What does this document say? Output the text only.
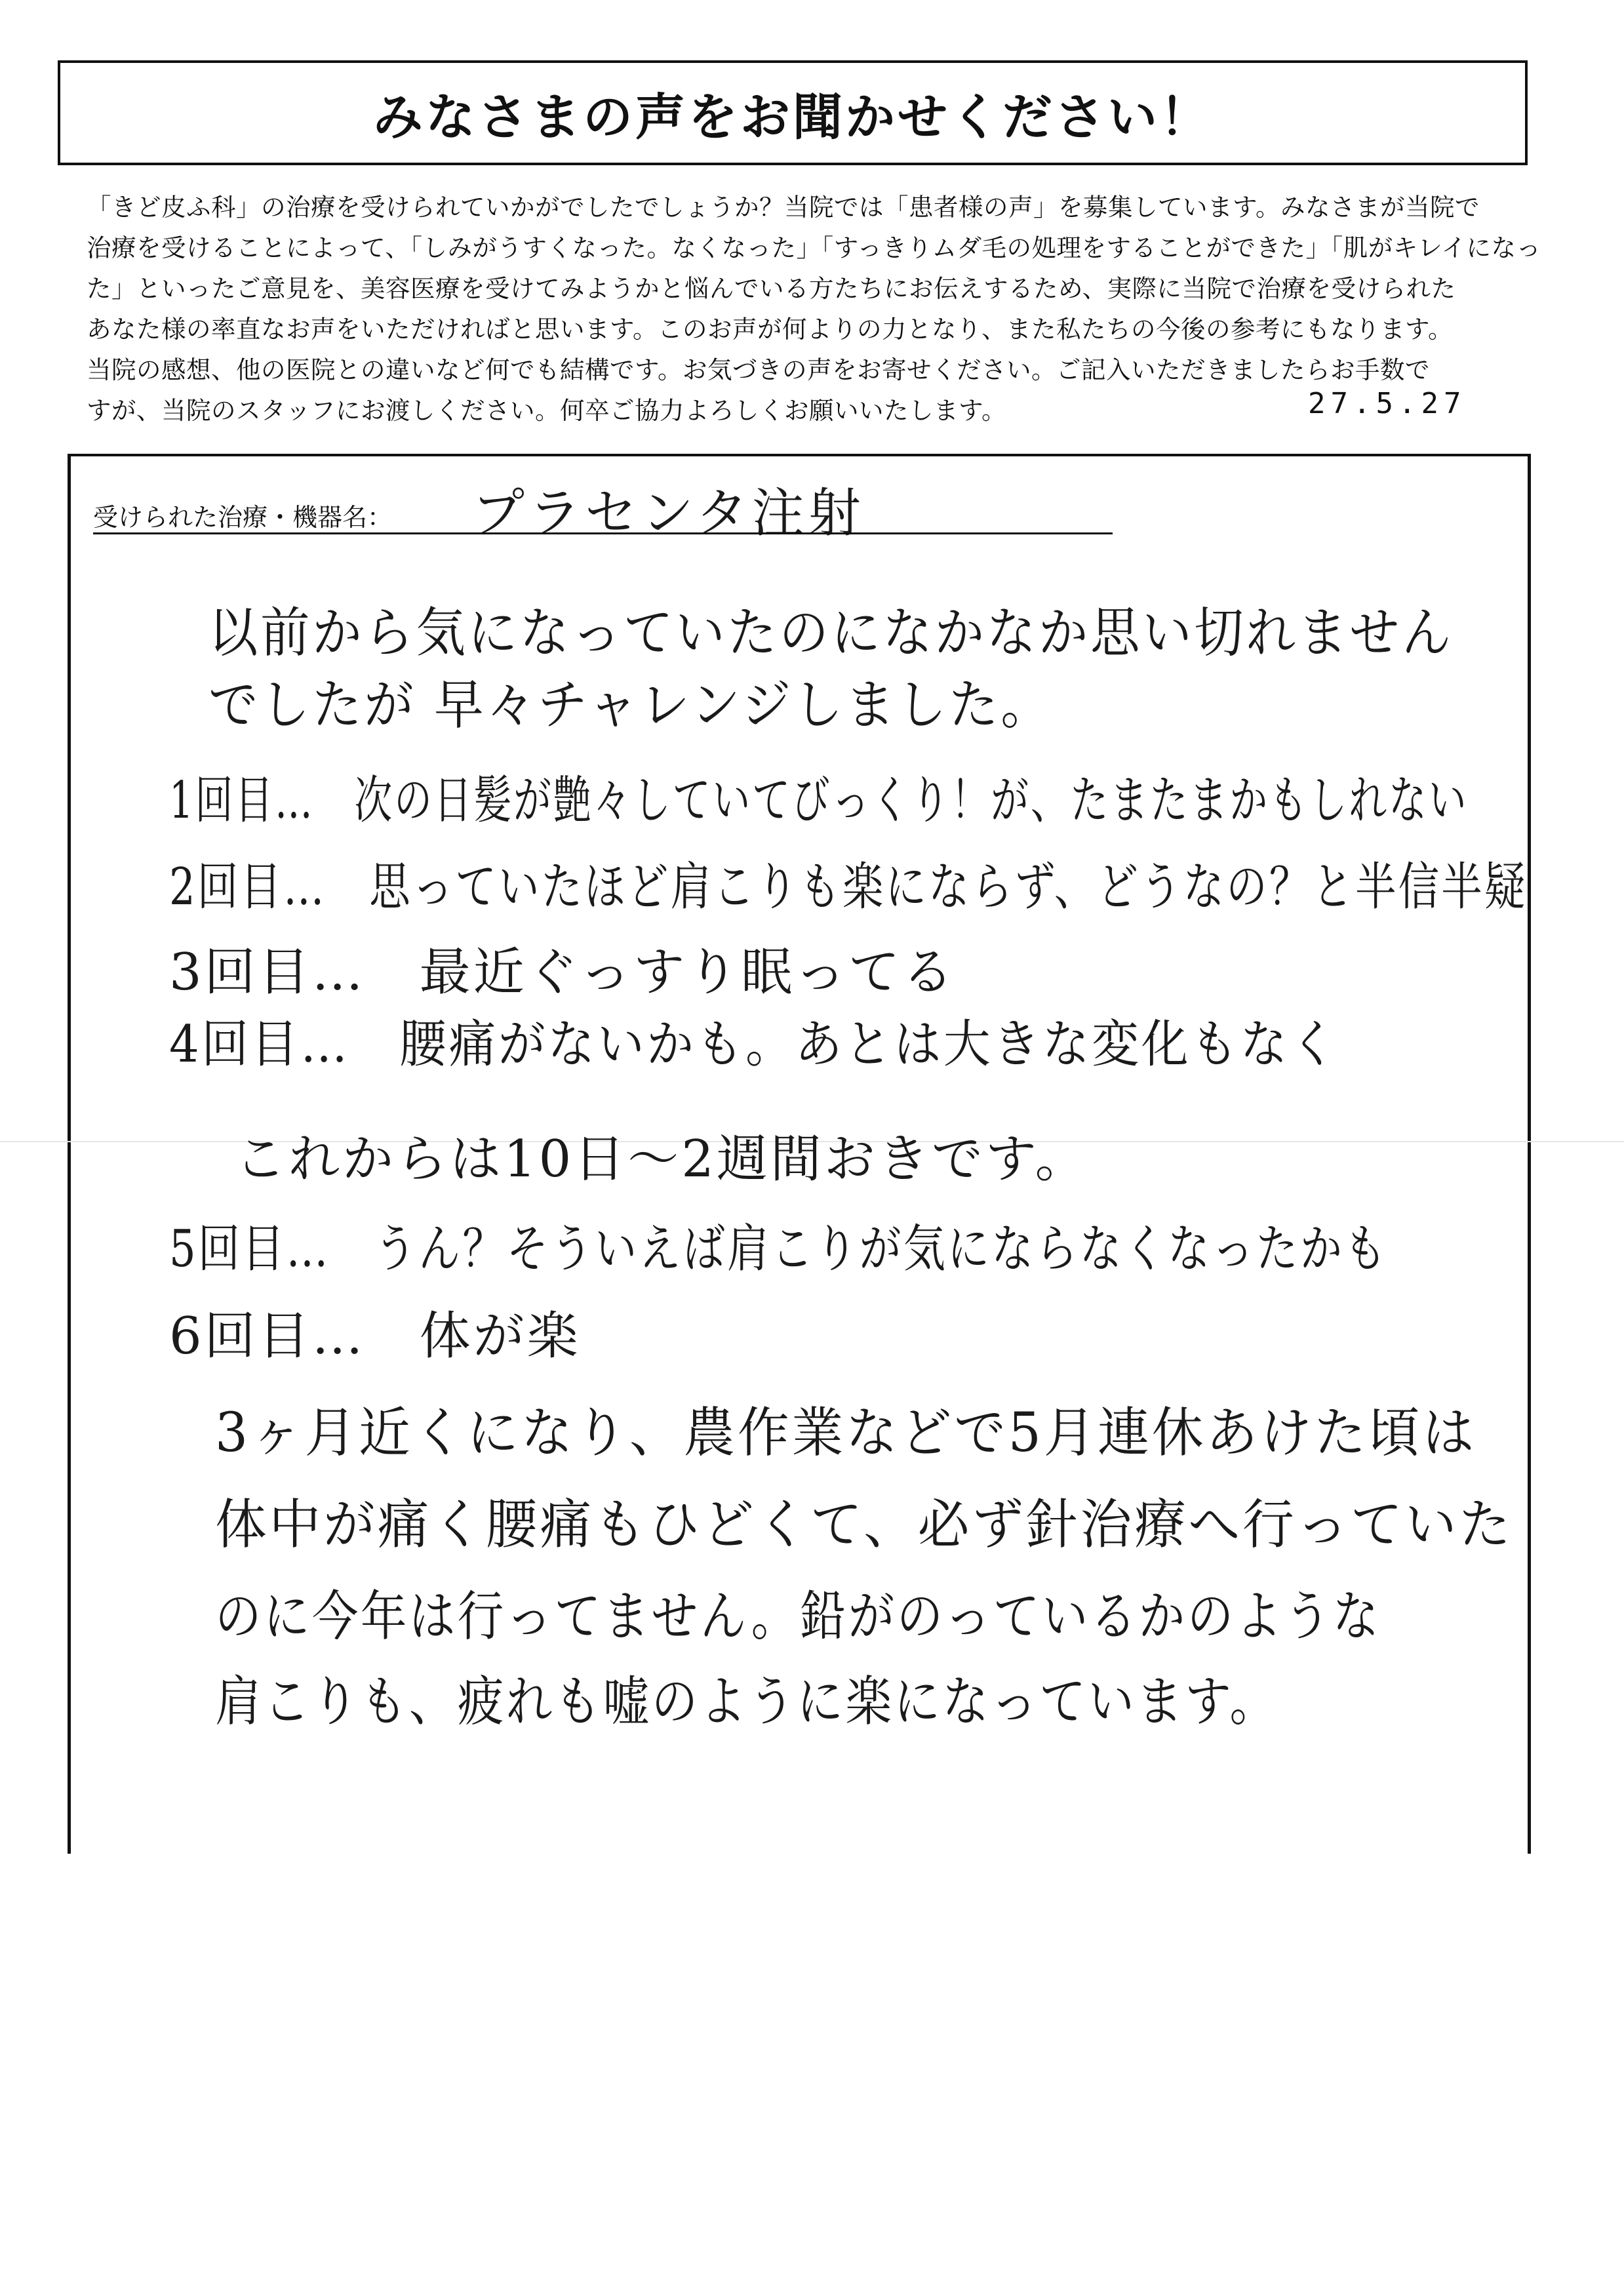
みなさまの声をお聞かせください！
「きど皮ふ科」の治療を受けられていかがでしたでしょうか？当院では「患者様の声」を募集しています。みなさまが当院で
治療を受けることによって、「しみがうすくなった。なくなった」「すっきりムダ毛の処理をすることができた」「肌がキレイになっ
た」といったご意見を、美容医療を受けてみようかと悩んでいる方たちにお伝えするため、実際に当院で治療を受けられた
あなた様の率直なお声をいただければと思います。このお声が何よりの力となり、また私たちの今後の参考にもなります。
当院の感想、他の医院との違いなど何でも結構です。お気づきの声をお寄せください。ご記入いただきましたらお手数で
すが、当院のスタッフにお渡しください。何卒ご協力よろしくお願いいたします。	27.5.27
受けられた治療・機器名： プラセンタ注射
以前から気になっていたのになかなか思い切れません
でしたが 早々チャレンジしました。
1回目…　次の日髪が艶々していてびっくり！が、たまたまかもしれない
2回目…　思っていたほど肩こりも楽にならず、どうなの？と半信半疑
3回目…　最近ぐっすり眠ってる
4回目…　腰痛がないかも。あとは大きな変化もなく
これからは10日〜2週間おきです。
5回目…　うん？そういえば肩こりが気にならなくなったかも
6回目…　体が楽
3ヶ月近くになり、農作業などで5月連休あけた頃は
体中が痛く腰痛もひどくて、必ず針治療へ行っていた
のに今年は行ってません。鉛がのっているかのような
肩こりも、疲れも嘘のように楽になっています。
